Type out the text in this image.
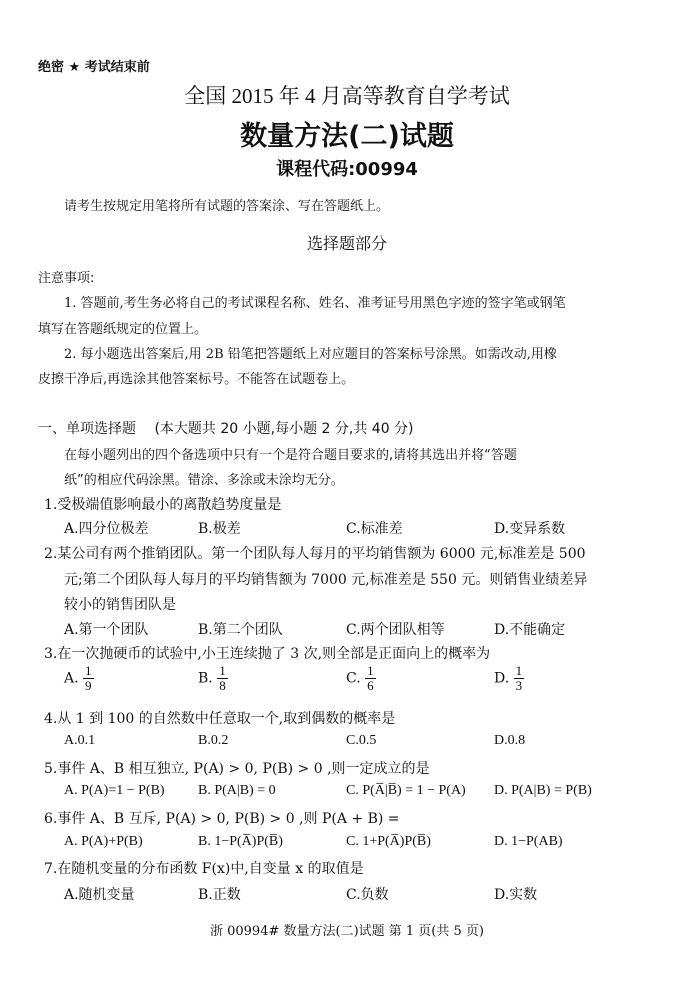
绝密 ★ 考试结束前
全国 2015 年 4 月高等教育自学考试
数量方法(二)试题
课程代码:00994
请考生按规定用笔将所有试题的答案涂、写在答题纸上。
选择题部分
注意事项:
1. 答题前,考生务必将自己的考试课程名称、姓名、准考证号用黑色字迹的签字笔或钢笔
填写在答题纸规定的位置上。
2. 每小题选出答案后,用 2B 铅笔把答题纸上对应题目的答案标号涂黑。如需改动,用橡
皮擦干净后,再选涂其他答案标号。不能答在试题卷上。
一、单项选择题 (本大题共 20 小题,每小题 2 分,共 40 分)
在每小题列出的四个备选项中只有一个是符合题目要求的,请将其选出并将“答题
纸”的相应代码涂黑。错涂、多涂或未涂均无分。
1.受极端值影响最小的离散趋势度量是
A.四分位极差	B.极差	C.标准差	D.变异系数
2.某公司有两个推销团队。第一个团队每人每月的平均销售额为 6000 元,标准差是 500
元;第二个团队每人每月的平均销售额为 7000 元,标准差是 550 元。则销售业绩差异
较小的销售团队是
A.第一个团队	B.第二个团队	C.两个团队相等	D.不能确定
3.在一次抛硬币的试验中,小王连续抛了 3 次,则全部是正面向上的概率为
A. $\frac{1}{9}$	B. $\frac{1}{8}$	C. $\frac{1}{6}$	D. $\frac{1}{3}$
4.从 1 到 100 的自然数中任意取一个,取到偶数的概率是
A.0.1	B.0.2	C.0.5	D.0.8
5.事件 A、B 相互独立, P(A) > 0, P(B) > 0 ,则一定成立的是
A. P(A)=1 − P(B) B. P(A|B) = 0	C. P(A̅|B̅) = 1 − P(A) D. P(A|B) = P(B)
6.事件 A、B 互斥, P(A) > 0, P(B) > 0 ,则 P(A + B) =
A. P(A)+P(B)	B. 1−P(A̅)P(B̅)	C. 1+P(A̅)P(B̅)	D. 1−P(AB)
7.在随机变量的分布函数 F(x)中,自变量 x 的取值是
A.随机变量	B.正数	C.负数	D.实数
浙 00994# 数量方法(二)试题 第 1 页(共 5 页)
